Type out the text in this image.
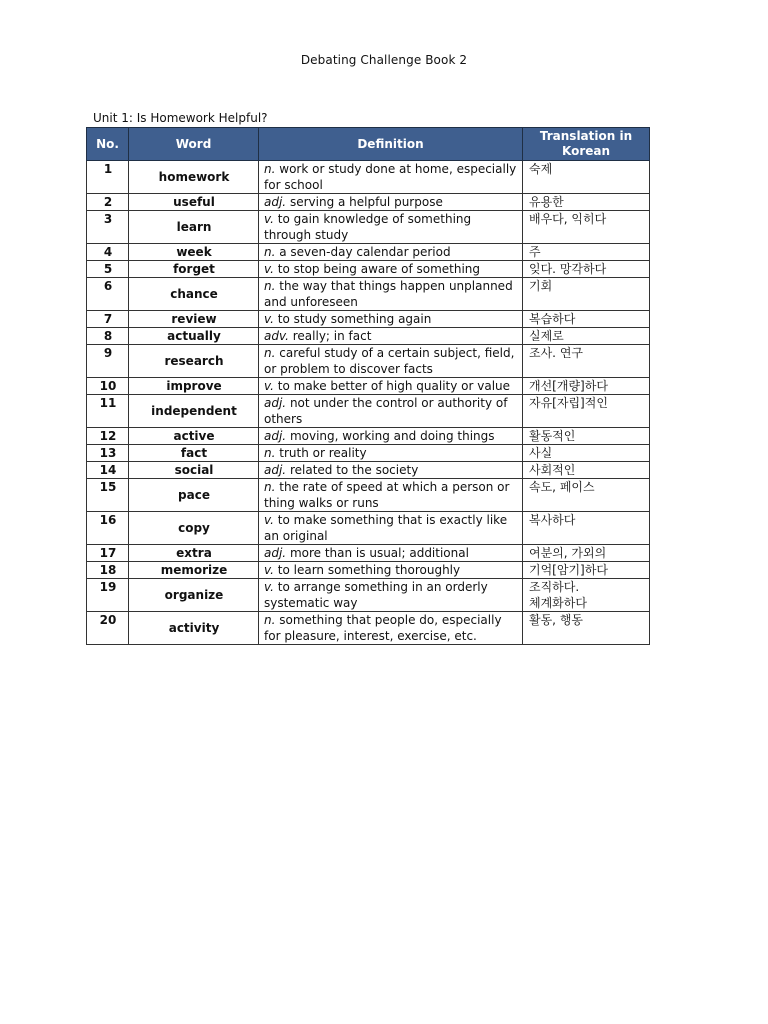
Debating Challenge Book 2
Unit 1: Is Homework Helpful?
No.	Word	Definition	Translation in Korean
1	homework	n. work or study done at home, especially for school	숙제
2	useful	adj. serving a helpful purpose	유용한
3	learn	v. to gain knowledge of something through study	배우다, 익히다
4	week	n. a seven-day calendar period	주
5	forget	v. to stop being aware of something	잊다. 망각하다
6	chance	n. the way that things happen unplanned and unforeseen	기회
7	review	v. to study something again	복습하다
8	actually	adv. really; in fact	실제로
9	research	n. careful study of a certain subject, field, or problem to discover facts	조사. 연구
10	improve	v. to make better of high quality or value	개선[개량]하다
11	independent	adj. not under the control or authority of others	자유[자립]적인
12	active	adj. moving, working and doing things	활동적인
13	fact	n. truth or reality	사실
14	social	adj. related to the society	사회적인
15	pace	n. the rate of speed at which a person or thing walks or runs	속도, 페이스
16	copy	v. to make something that is exactly like an original	복사하다
17	extra	adj. more than is usual; additional	여분의, 가외의
18	memorize	v. to learn something thoroughly	기억[암기]하다
19	organize	v. to arrange something in an orderly systematic way	조직하다.
체계화하다
20	activity	n. something that people do, especially for pleasure, interest, exercise, etc.	활동, 행동
